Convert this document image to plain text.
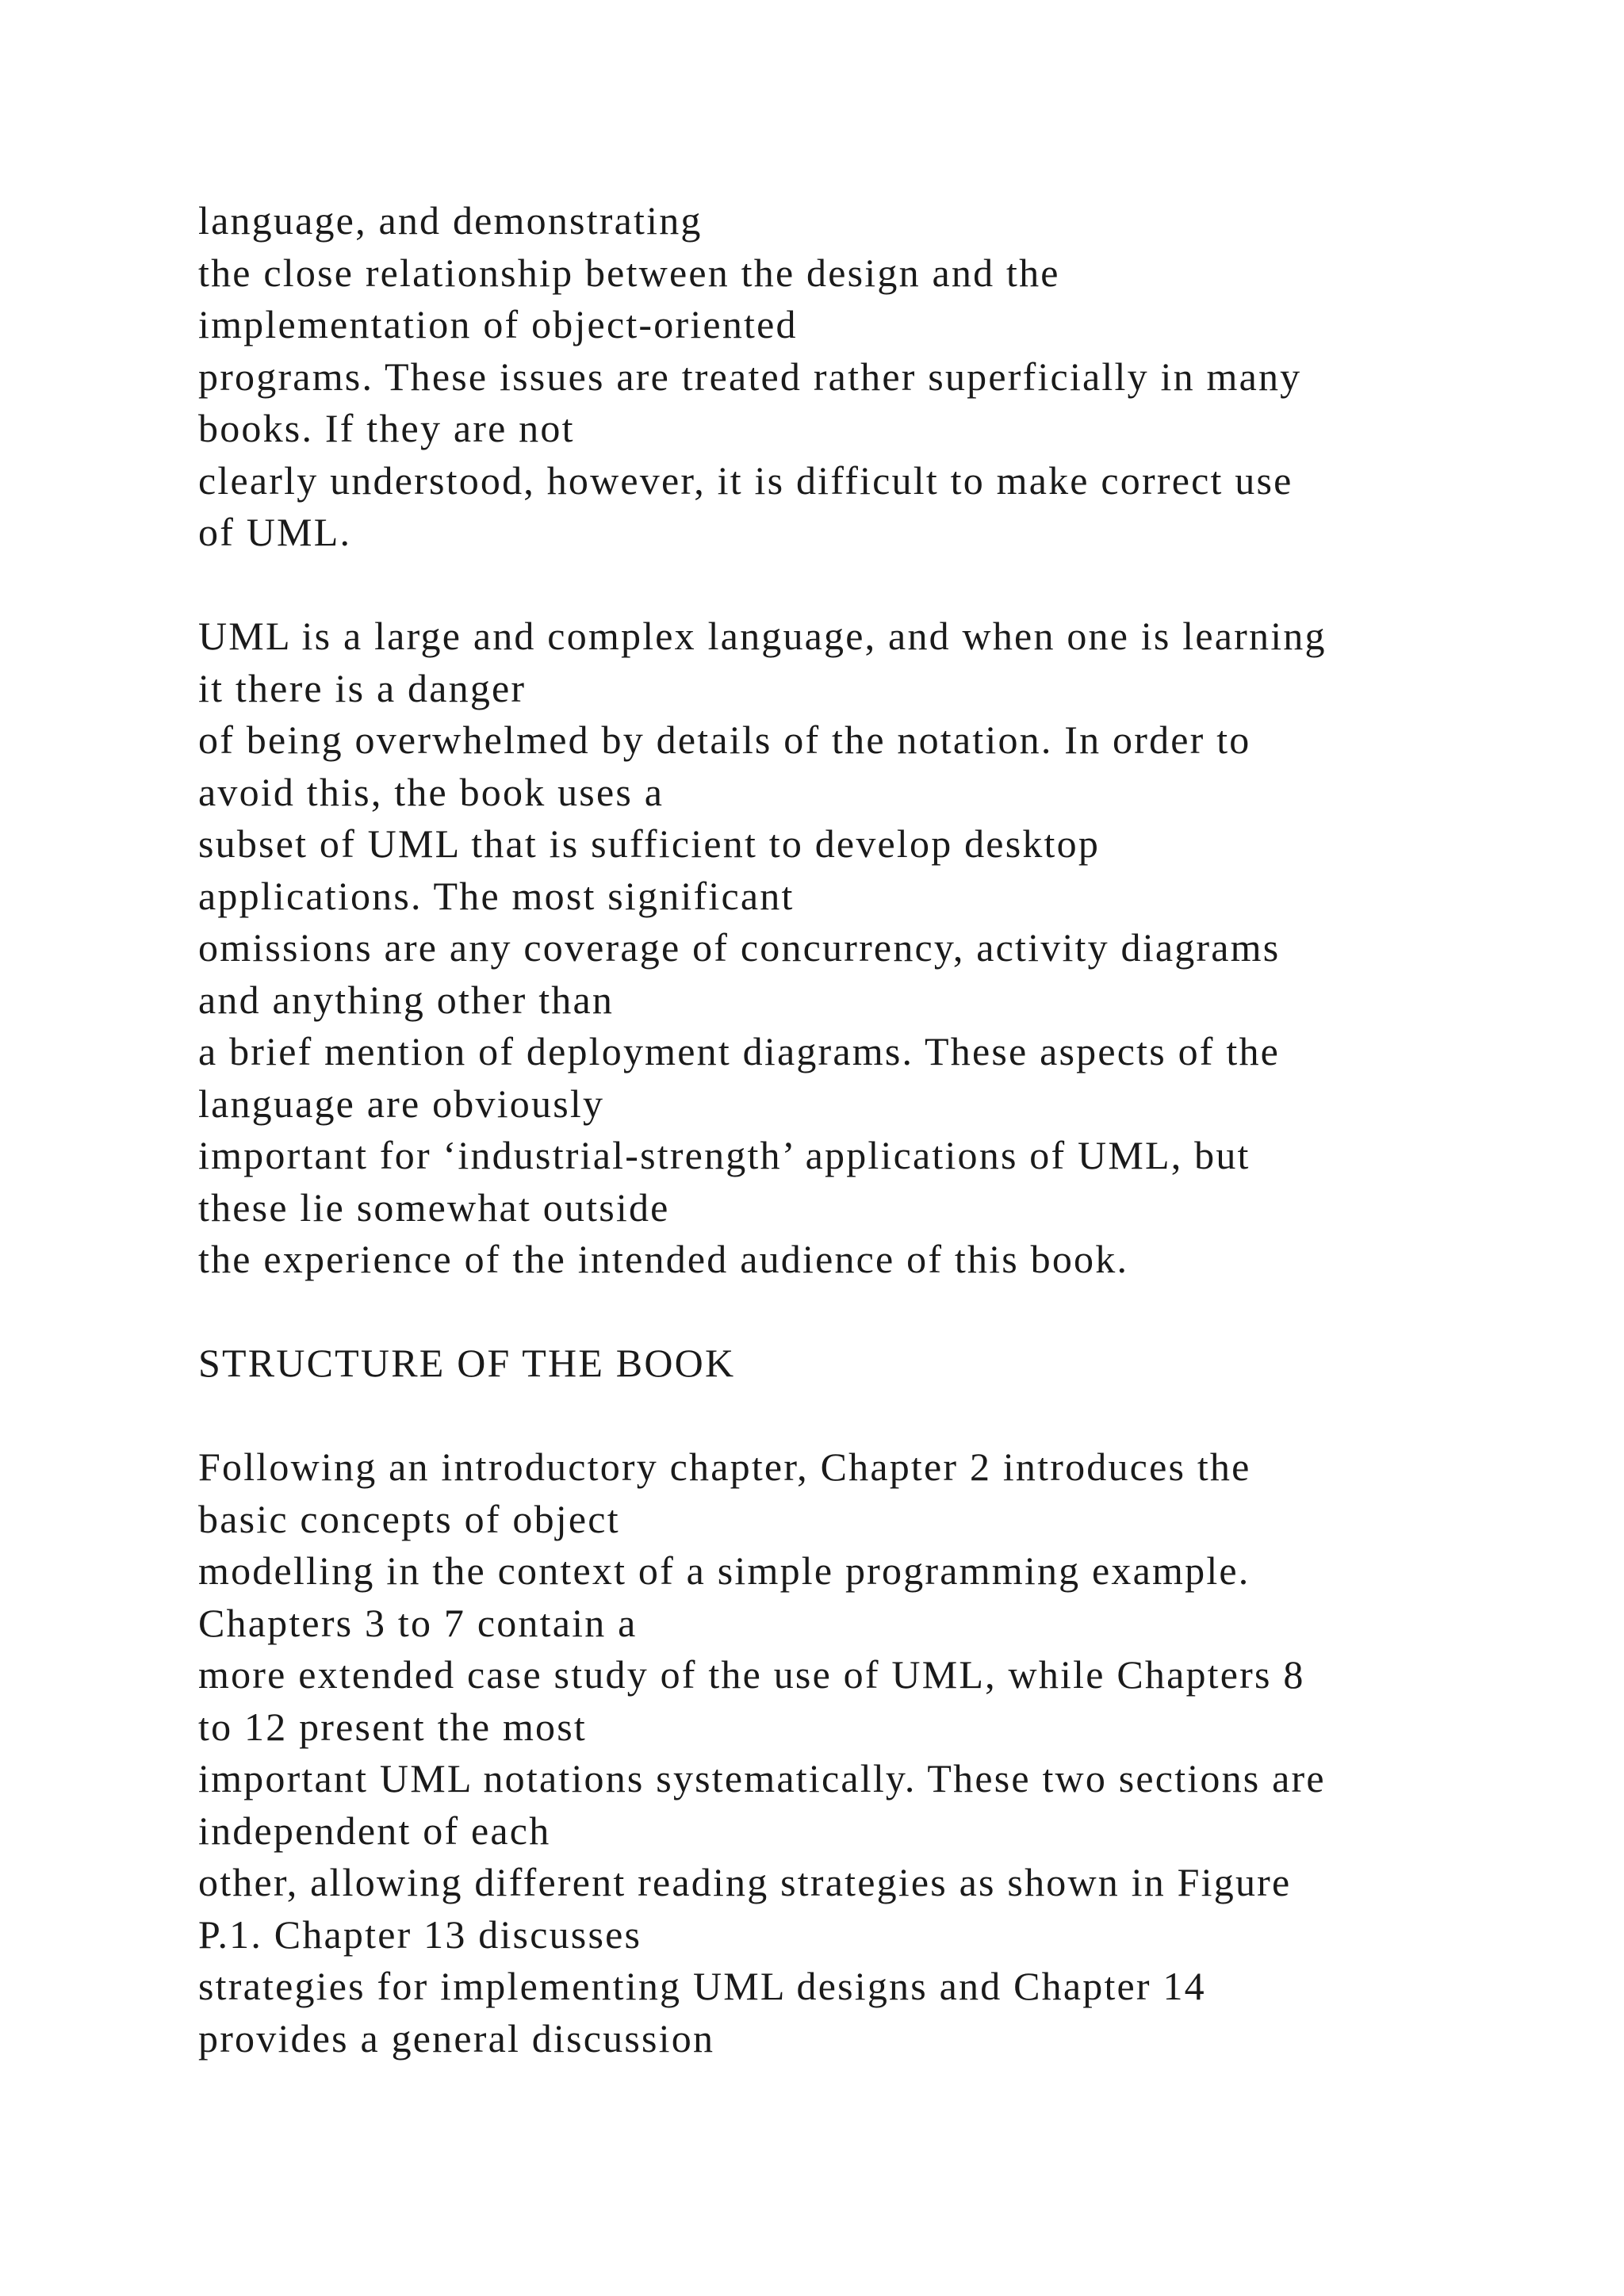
language, and demonstrating
the close relationship between the design and the
implementation of object-oriented
programs. These issues are treated rather superficially in many
books. If they are not
clearly understood, however, it is difficult to make correct use
of UML.
UML is a large and complex language, and when one is learning
it there is a danger
of being overwhelmed by details of the notation. In order to
avoid this, the book uses a
subset of UML that is sufficient to develop desktop
applications. The most significant
omissions are any coverage of concurrency, activity diagrams
and anything other than
a brief mention of deployment diagrams. These aspects of the
language are obviously
important for ‘industrial-strength’ applications of UML, but
these lie somewhat outside
the experience of the intended audience of this book.
STRUCTURE OF THE BOOK
Following an introductory chapter, Chapter 2 introduces the
basic concepts of object
modelling in the context of a simple programming example.
Chapters 3 to 7 contain a
more extended case study of the use of UML, while Chapters 8
to 12 present the most
important UML notations systematically. These two sections are
independent of each
other, allowing different reading strategies as shown in Figure
P.1. Chapter 13 discusses
strategies for implementing UML designs and Chapter 14
provides a general discussion
